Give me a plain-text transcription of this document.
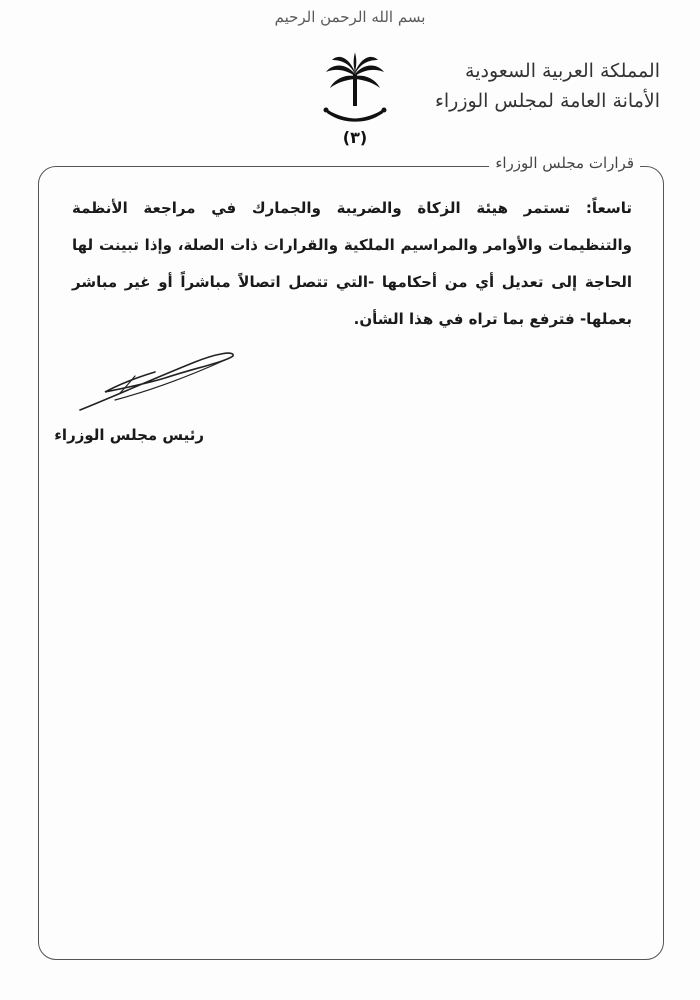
بسم الله الرحمن الرحيم
(٣)
المملكة العربية السعودية
الأمانة العامة لمجلس الوزراء
قرارات مجلس الوزراء
تاسعاً: تستمر هيئة الزكاة والضريبة والجمارك في مراجعة الأنظمة والتنظيمات والأوامر والمراسيم الملكية والقرارات ذات الصلة، وإذا تبينت لها الحاجة إلى تعديل أي من أحكامها -التي تتصل اتصالاً مباشراً أو غير مباشر بعملها- فترفع بما تراه في هذا الشأن.
رئيس مجلس الوزراء
